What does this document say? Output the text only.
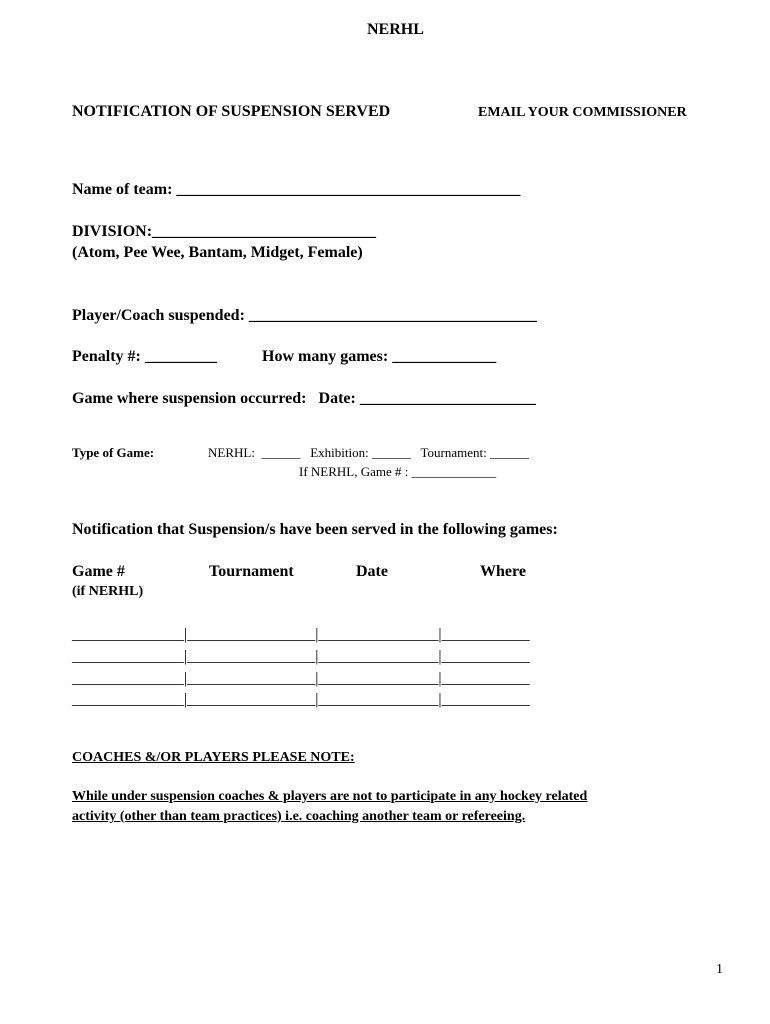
NERHL
NOTIFICATION OF SUSPENSION SERVED	EMAIL YOUR COMMISSIONER
Name of team: ___________________________________________
DIVISION:____________________________
(Atom, Pee Wee, Bantam, Midget, Female)
Player/Coach suspended: ____________________________________
Penalty #: _________	How many games: _____________
Game where suspension occurred:   Date: ______________________
Type of Game:	NERHL:  ______   Exhibition: ______   Tournament: ______
If NERHL, Game # : _____________
Notification that Suspension/s have been served in the following games:
Game #
(if NERHL)
Tournament	Date	Where
______________|________________|_______________|___________
______________|________________|_______________|___________
______________|________________|_______________|___________
______________|________________|_______________|___________
COACHES &/OR PLAYERS PLEASE NOTE:
While under suspension coaches & players are not to participate in any hockey related
activity (other than team practices) i.e. coaching another team or refereeing.
1
